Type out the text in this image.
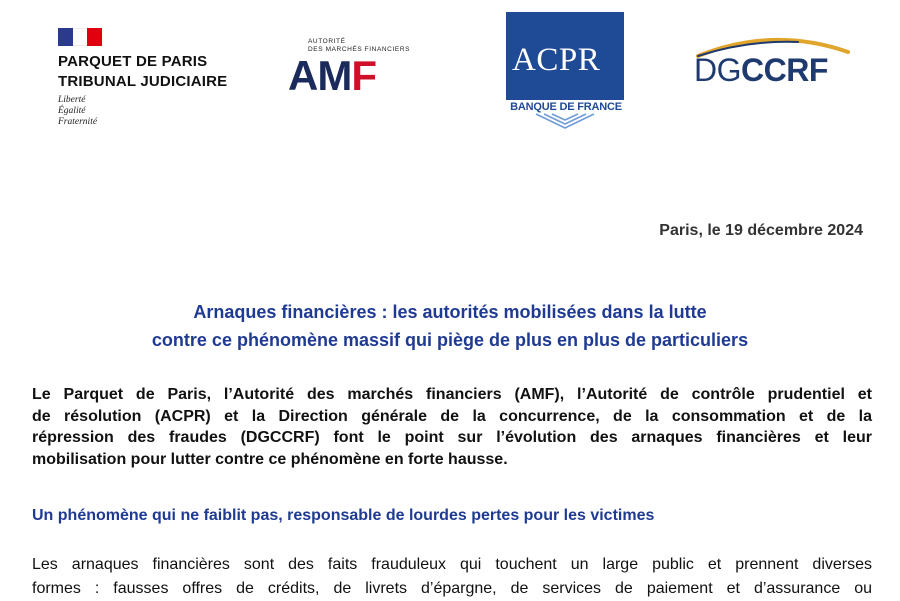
PARQUET DE PARIS
TRIBUNAL JUDICIAIRE
Liberté
Égalité
Fraternité
AUTORITÉ
DES MARCHÉS FINANCIERS
AMF	ACPR
BANQUE DE FRANCE
DGCCRF
Paris, le 19 décembre 2024
Arnaques financières : les autorités mobilisées dans la lutte
contre ce phénomène massif qui piège de plus en plus de particuliers
Le Parquet de Paris, l’Autorité des marchés financiers (AMF), l’Autorité de contrôle prudentiel et
de résolution (ACPR) et la Direction générale de la concurrence, de la consommation et de la
répression des fraudes (DGCCRF) font le point sur l’évolution des arnaques financières et leur
mobilisation pour lutter contre ce phénomène en forte hausse.
Un phénomène qui ne faiblit pas, responsable de lourdes pertes pour les victimes
Les arnaques financières sont des faits frauduleux qui touchent un large public et prennent diverses
formes : fausses offres de crédits, de livrets d’épargne, de services de paiement et d’assurance ou
